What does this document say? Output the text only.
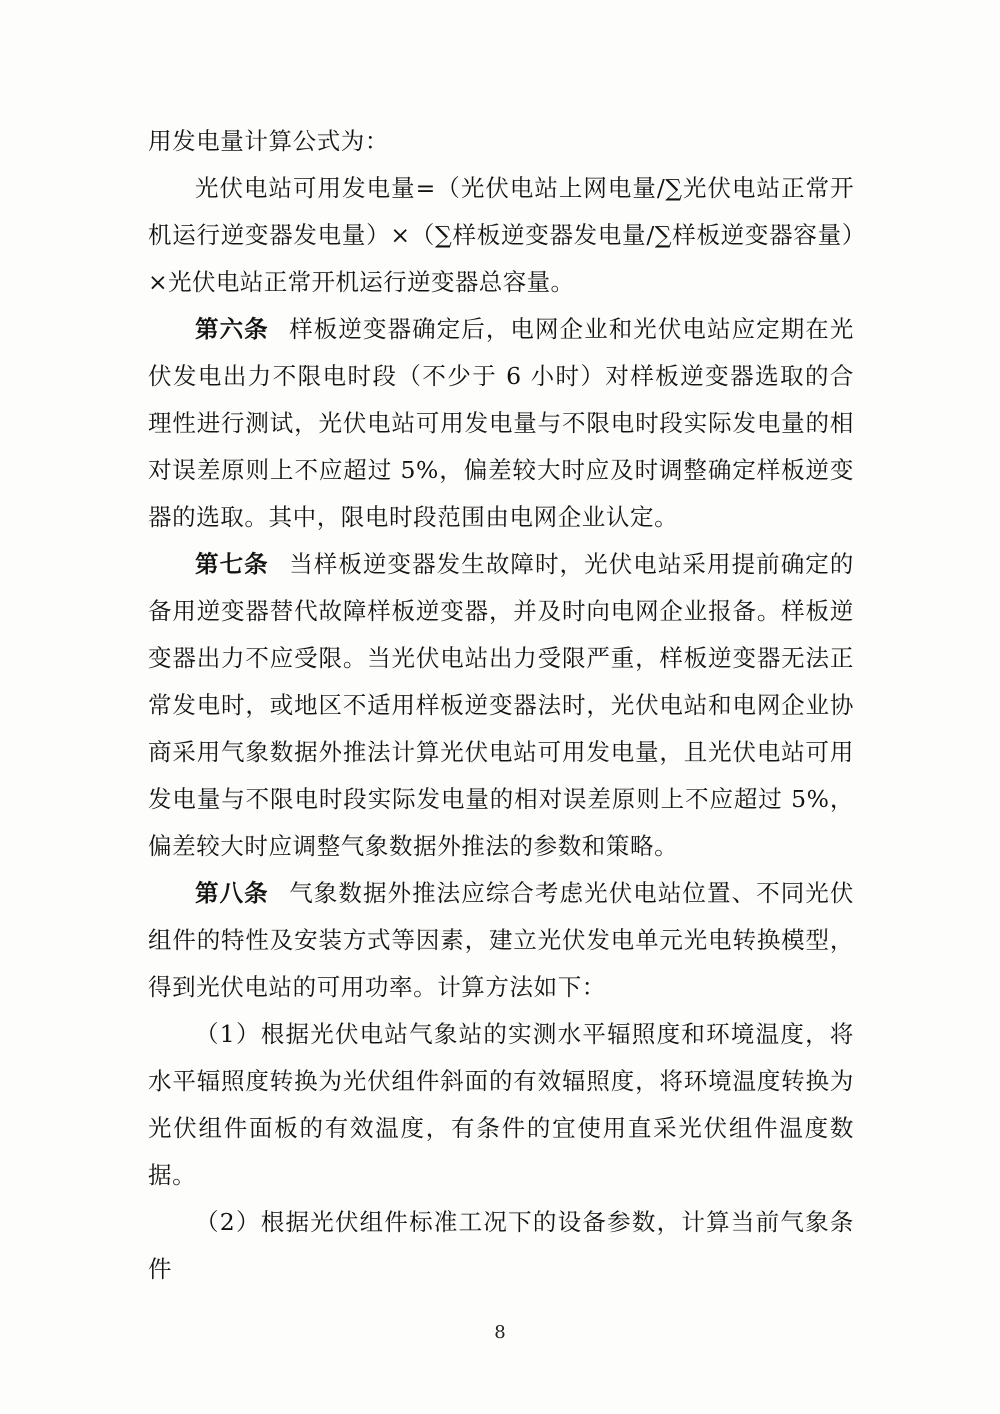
用发电量计算公式为：

光伏电站可用发电量=（光伏电站上网电量/∑光伏电站正常开机运行逆变器发电量）×（∑样板逆变器发电量/∑样板逆变器容量）×光伏电站正常开机运行逆变器总容量。

第六条 样板逆变器确定后，电网企业和光伏电站应定期在光伏发电出力不限电时段（不少于 6 小时）对样板逆变器选取的合理性进行测试，光伏电站可用发电量与不限电时段实际发电量的相对误差原则上不应超过 5%，偏差较大时应及时调整确定样板逆变器的选取。其中，限电时段范围由电网企业认定。

第七条 当样板逆变器发生故障时，光伏电站采用提前确定的备用逆变器替代故障样板逆变器，并及时向电网企业报备。样板逆变器出力不应受限。当光伏电站出力受限严重，样板逆变器无法正常发电时，或地区不适用样板逆变器法时，光伏电站和电网企业协商采用气象数据外推法计算光伏电站可用发电量，且光伏电站可用发电量与不限电时段实际发电量的相对误差原则上不应超过 5%，偏差较大时应调整气象数据外推法的参数和策略。

第八条 气象数据外推法应综合考虑光伏电站位置、不同光伏组件的特性及安装方式等因素，建立光伏发电单元光电转换模型，得到光伏电站的可用功率。计算方法如下：

（1）根据光伏电站气象站的实测水平辐照度和环境温度，将水平辐照度转换为光伏组件斜面的有效辐照度，将环境温度转换为光伏组件面板的有效温度，有条件的宜使用直采光伏组件温度数据。

（2）根据光伏组件标准工况下的设备参数，计算当前气象条件

8
